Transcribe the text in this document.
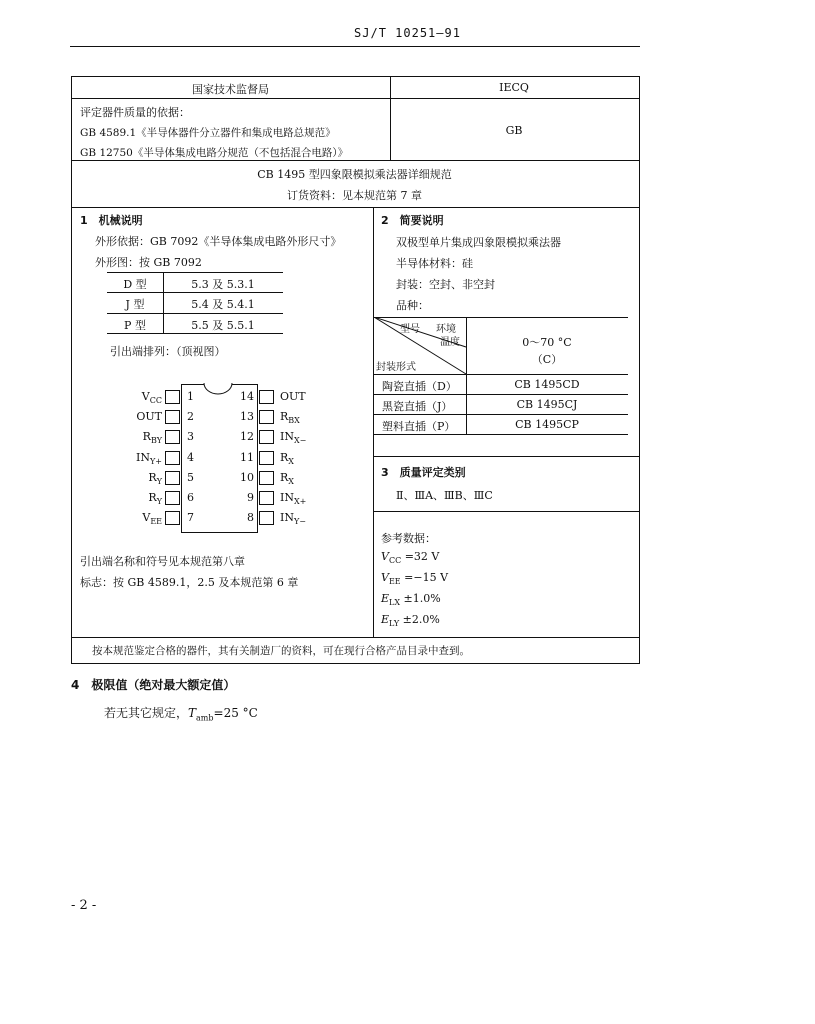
SJ/T 10251—91
国家技术监督局	IECQ
评定器件质量的依据：
GB 4589.1《半导体器件分立器件和集成电路总规范》
GB 12750《半导体集成电路分规范（不包括混合电路）》
GB
CB 1495 型四象限模拟乘法器详细规范
订货资料：见本规范第 7 章
1　机械说明
外形依据：GB 7092《半导体集成电路外形尺寸》
外形图：按 GB 7092
D 型	5.3 及 5.3.1
J 型	5.4 及 5.4.1
P 型	5.5 及 5.5.1
引出端排列：（顶视图）
$V_{CC}$ 1
OUT 2
$R_{BY}$ 3
$IN_{Y+}$ 4
$R_Y$ 5
$R_Y$ 6
$V_{EE}$ 7
14 OUT
13 $R_{BX}$
12 $IN_{X-}$
11 $R_X$
10 $R_X$
9 $IN_{X+}$
8 $IN_{Y-}$
引出端名称和符号见本规范第八章
标志：按 GB 4589.1，2.5 及本规范第 6 章
2　简要说明
双极型单片集成四象限模拟乘法器
半导体材料：硅
封装：空封、非空封
品种：
环境
温度
型号
封装形式
0～70 °C
（C）
陶瓷直插（D）	CB 1495CD
黑瓷直插（J）	CB 1495CJ
塑料直插（P）	CB 1495CP
3　质量评定类别
Ⅱ、ⅢA、ⅢB、ⅢC
参考数据：
$V_{CC} =32$ V
$V_{EE} =-15$ V
$E_{LX} \pm 1.0\%$
$E_{LY} \pm 2.0\%$
按本规范鉴定合格的器件，其有关制造厂的资料，可在现行合格产品目录中查到。
4　极限值（绝对最大额定值）
若无其它规定，$T_{amb}=25$ °C
- 2 -
